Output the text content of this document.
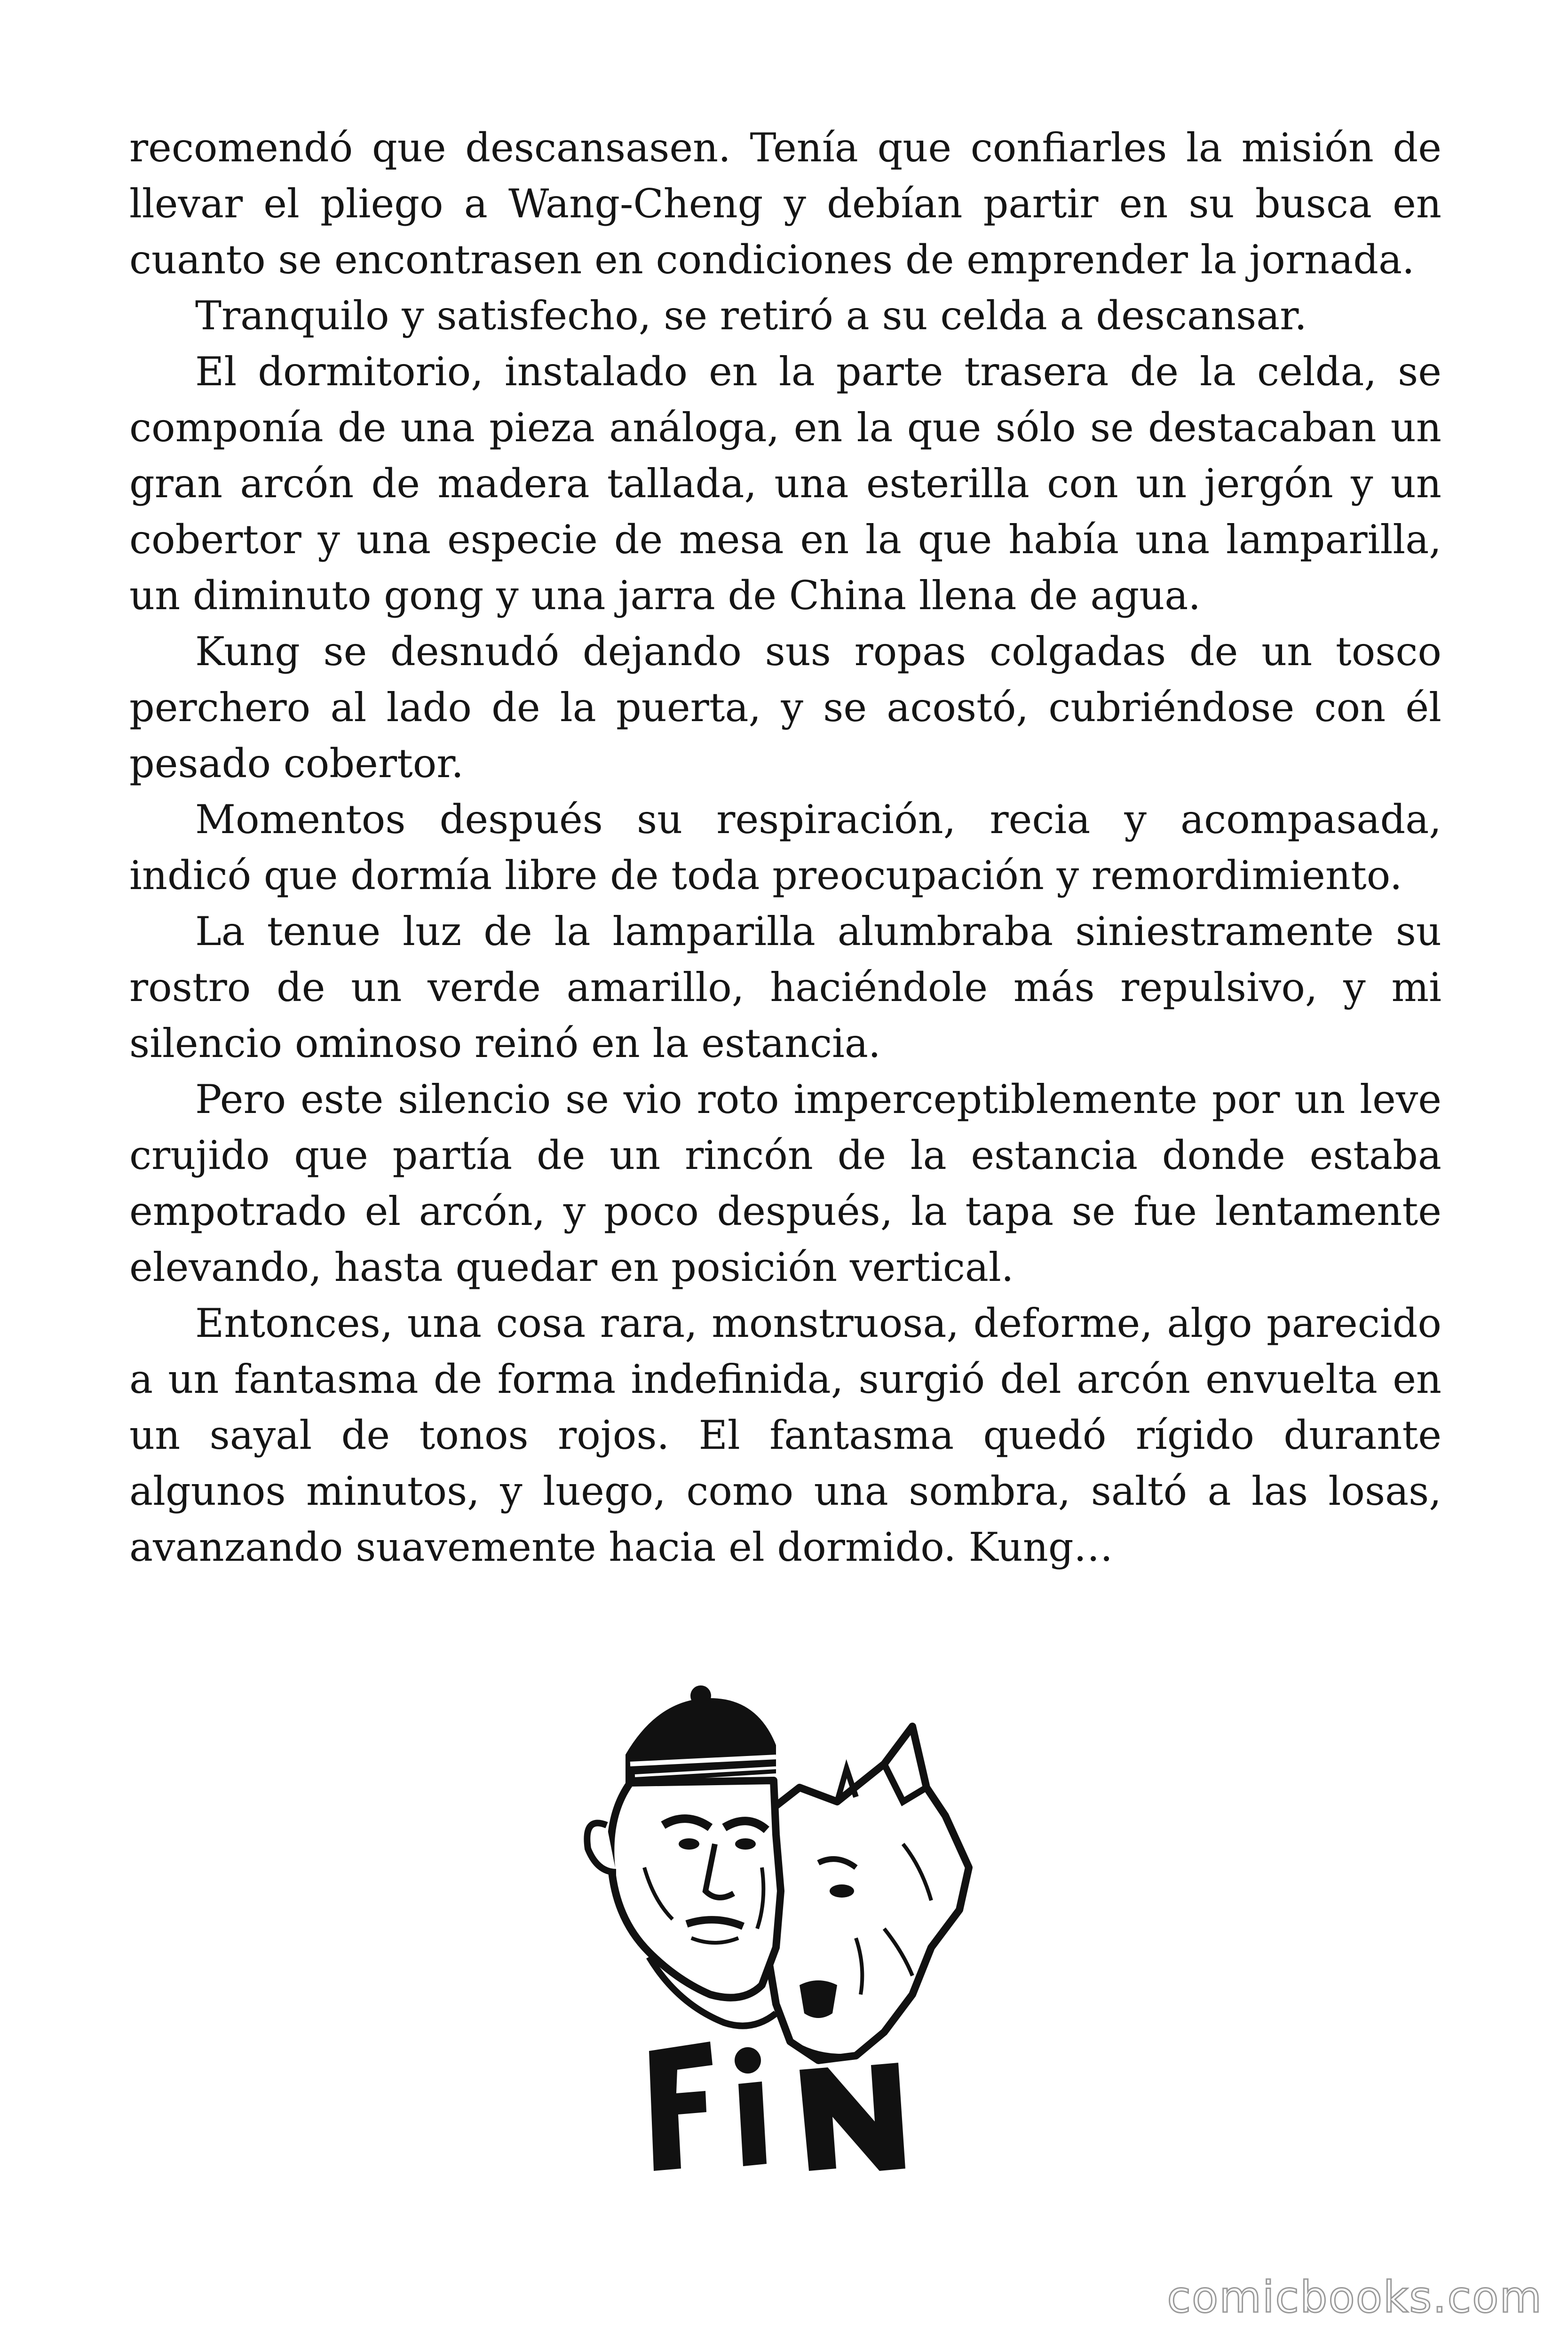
recomendó que descansasen. Tenía que confiarles la misión de llevar el pliego a Wang-Cheng y debían partir en su busca en cuanto se encontrasen en condiciones de emprender la jornada.

Tranquilo y satisfecho, se retiró a su celda a descansar.

El dormitorio, instalado en la parte trasera de la celda, se componía de una pieza análoga, en la que sólo se destacaban un gran arcón de madera tallada, una esterilla con un jergón y un cobertor y una especie de mesa en la que había una lamparilla, un diminuto gong y una jarra de China llena de agua.

Kung se desnudó dejando sus ropas colgadas de un tosco perchero al lado de la puerta, y se acostó, cubriéndose con él pesado cobertor.

Momentos después su respiración, recia y acompasada, indicó que dormía libre de toda preocupación y remordimiento.

La tenue luz de la lamparilla alumbraba siniestramente su rostro de un verde amarillo, haciéndole más repulsivo, y mi silencio ominoso reinó en la estancia.

Pero este silencio se vio roto imperceptiblemente por un leve crujido que partía de un rincón de la estancia donde estaba empotrado el arcón, y poco después, la tapa se fue lentamente elevando, hasta quedar en posición vertical.

Entonces, una cosa rara, monstruosa, deforme, algo parecido a un fantasma de forma indefinida, surgió del arcón envuelta en un sayal de tonos rojos. El fantasma quedó rígido durante algunos minutos, y luego, como una sombra, saltó a las losas, avanzando suavemente hacia el dormido. Kung…

comicbooks.com
